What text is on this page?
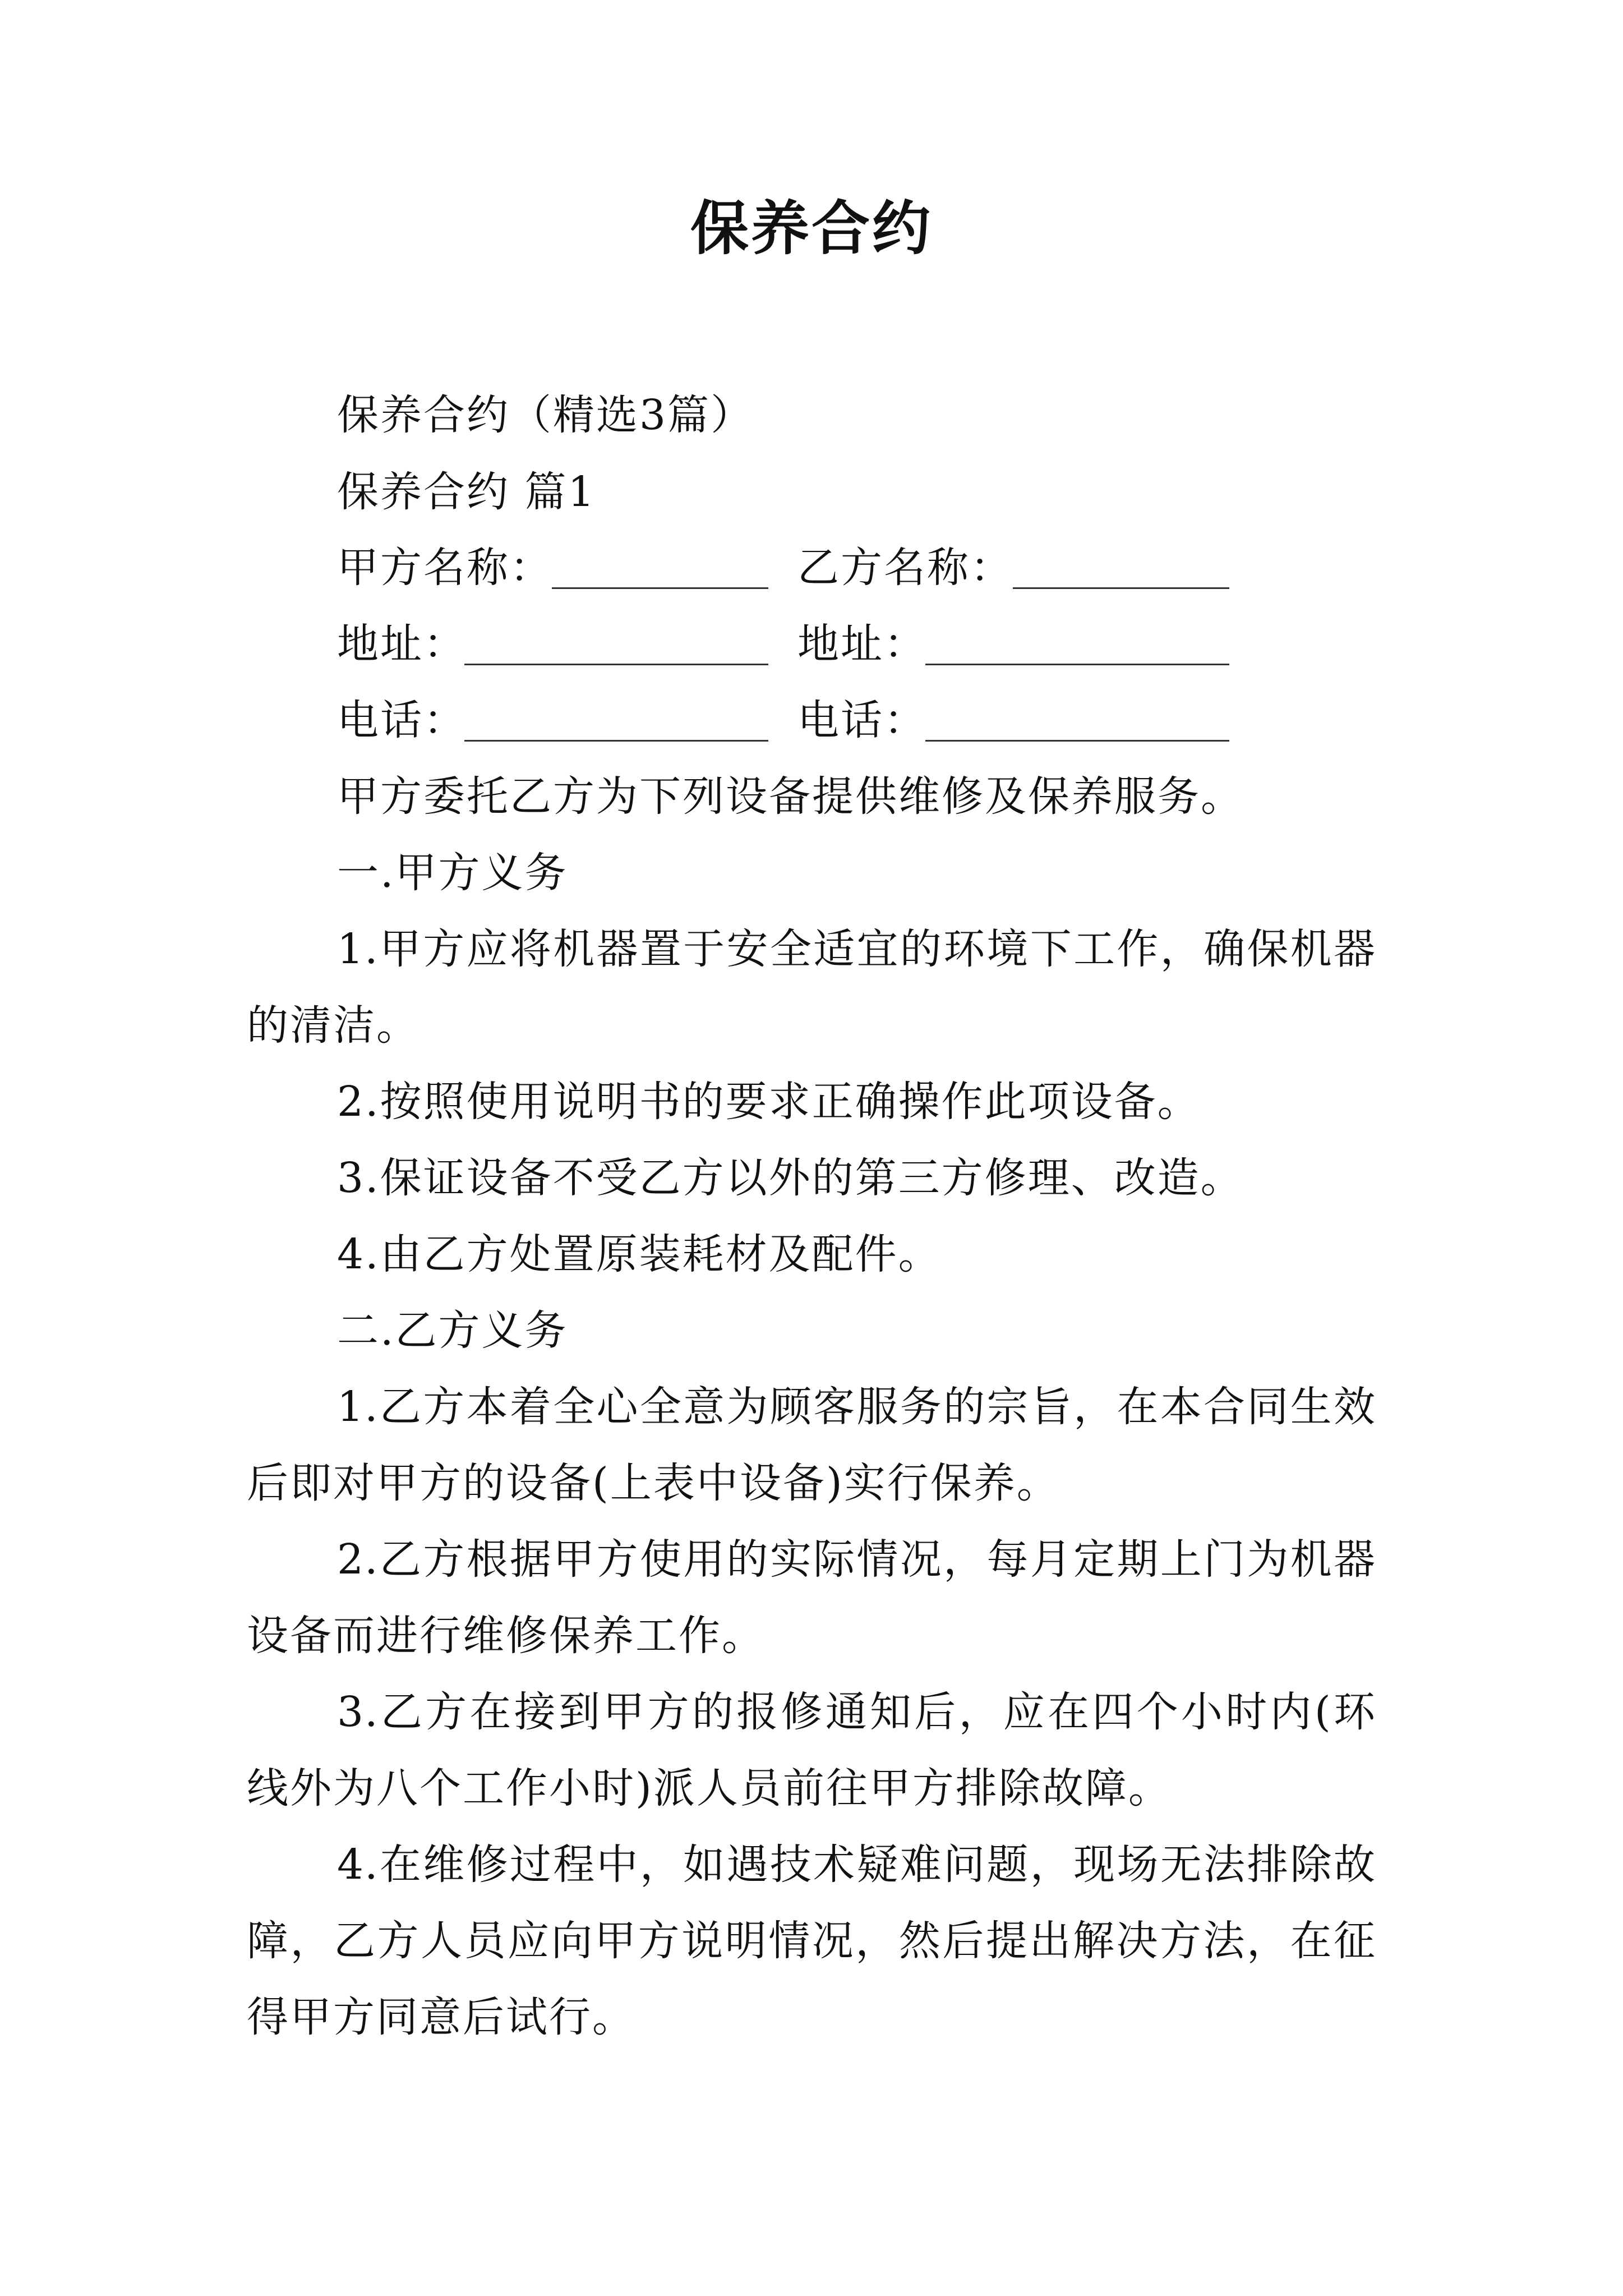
保养合约
保养合约（精选3篇）
保养合约 篇1
甲方名称：	乙方名称：
地址：	地址：
电话：	电话：
甲方委托乙方为下列设备提供维修及保养服务。
一.甲方义务
1.甲方应将机器置于安全适宜的环境下工作，确保机器
的清洁。
2.按照使用说明书的要求正确操作此项设备。
3.保证设备不受乙方以外的第三方修理、改造。
4.由乙方处置原装耗材及配件。
二.乙方义务
1.乙方本着全心全意为顾客服务的宗旨，在本合同生效
后即对甲方的设备(上表中设备)实行保养。
2.乙方根据甲方使用的实际情况，每月定期上门为机器
设备而进行维修保养工作。
3.乙方在接到甲方的报修通知后，应在四个小时内(环
线外为八个工作小时)派人员前往甲方排除故障。
4.在维修过程中，如遇技术疑难问题，现场无法排除故
障，乙方人员应向甲方说明情况，然后提出解决方法，在征
得甲方同意后试行。
